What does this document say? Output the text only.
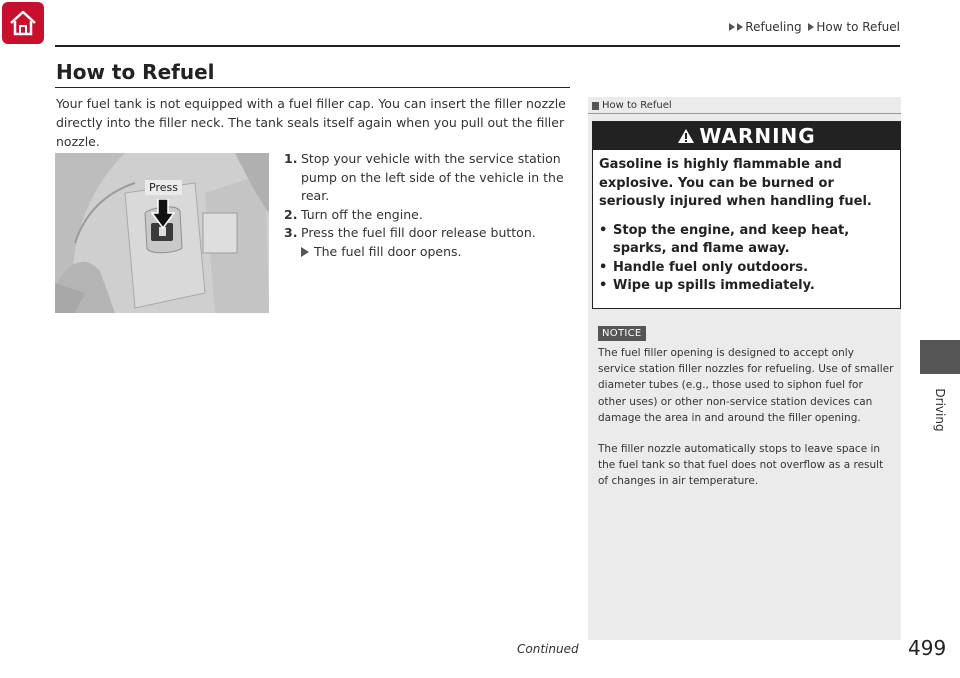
Refueling How to Refuel
How to Refuel

Your fuel tank is not equipped with a fuel filler cap. You can insert the filler nozzle directly into the filler neck. The tank seals itself again when you pull out the filler nozzle.

Press
1. Stop your vehicle with the service station pump on the left side of the vehicle in the rear.
2. Turn off the engine.
3. Press the fuel fill door release button.
The fuel fill door opens.
How to Refuel
WARNING

Gasoline is highly flammable and explosive. You can be burned or seriously injured when handling fuel.

• Stop the engine, and keep heat, sparks, and flame away.
• Handle fuel only outdoors.
• Wipe up spills immediately.
NOTICE

The fuel filler opening is designed to accept only service station filler nozzles for refueling. Use of smaller diameter tubes (e.g., those used to siphon fuel for other uses) or other non-service station devices can damage the area in and around the filler opening.

The filler nozzle automatically stops to leave space in the fuel tank so that fuel does not overflow as a result of changes in air temperature.

Driving
Continued	499
